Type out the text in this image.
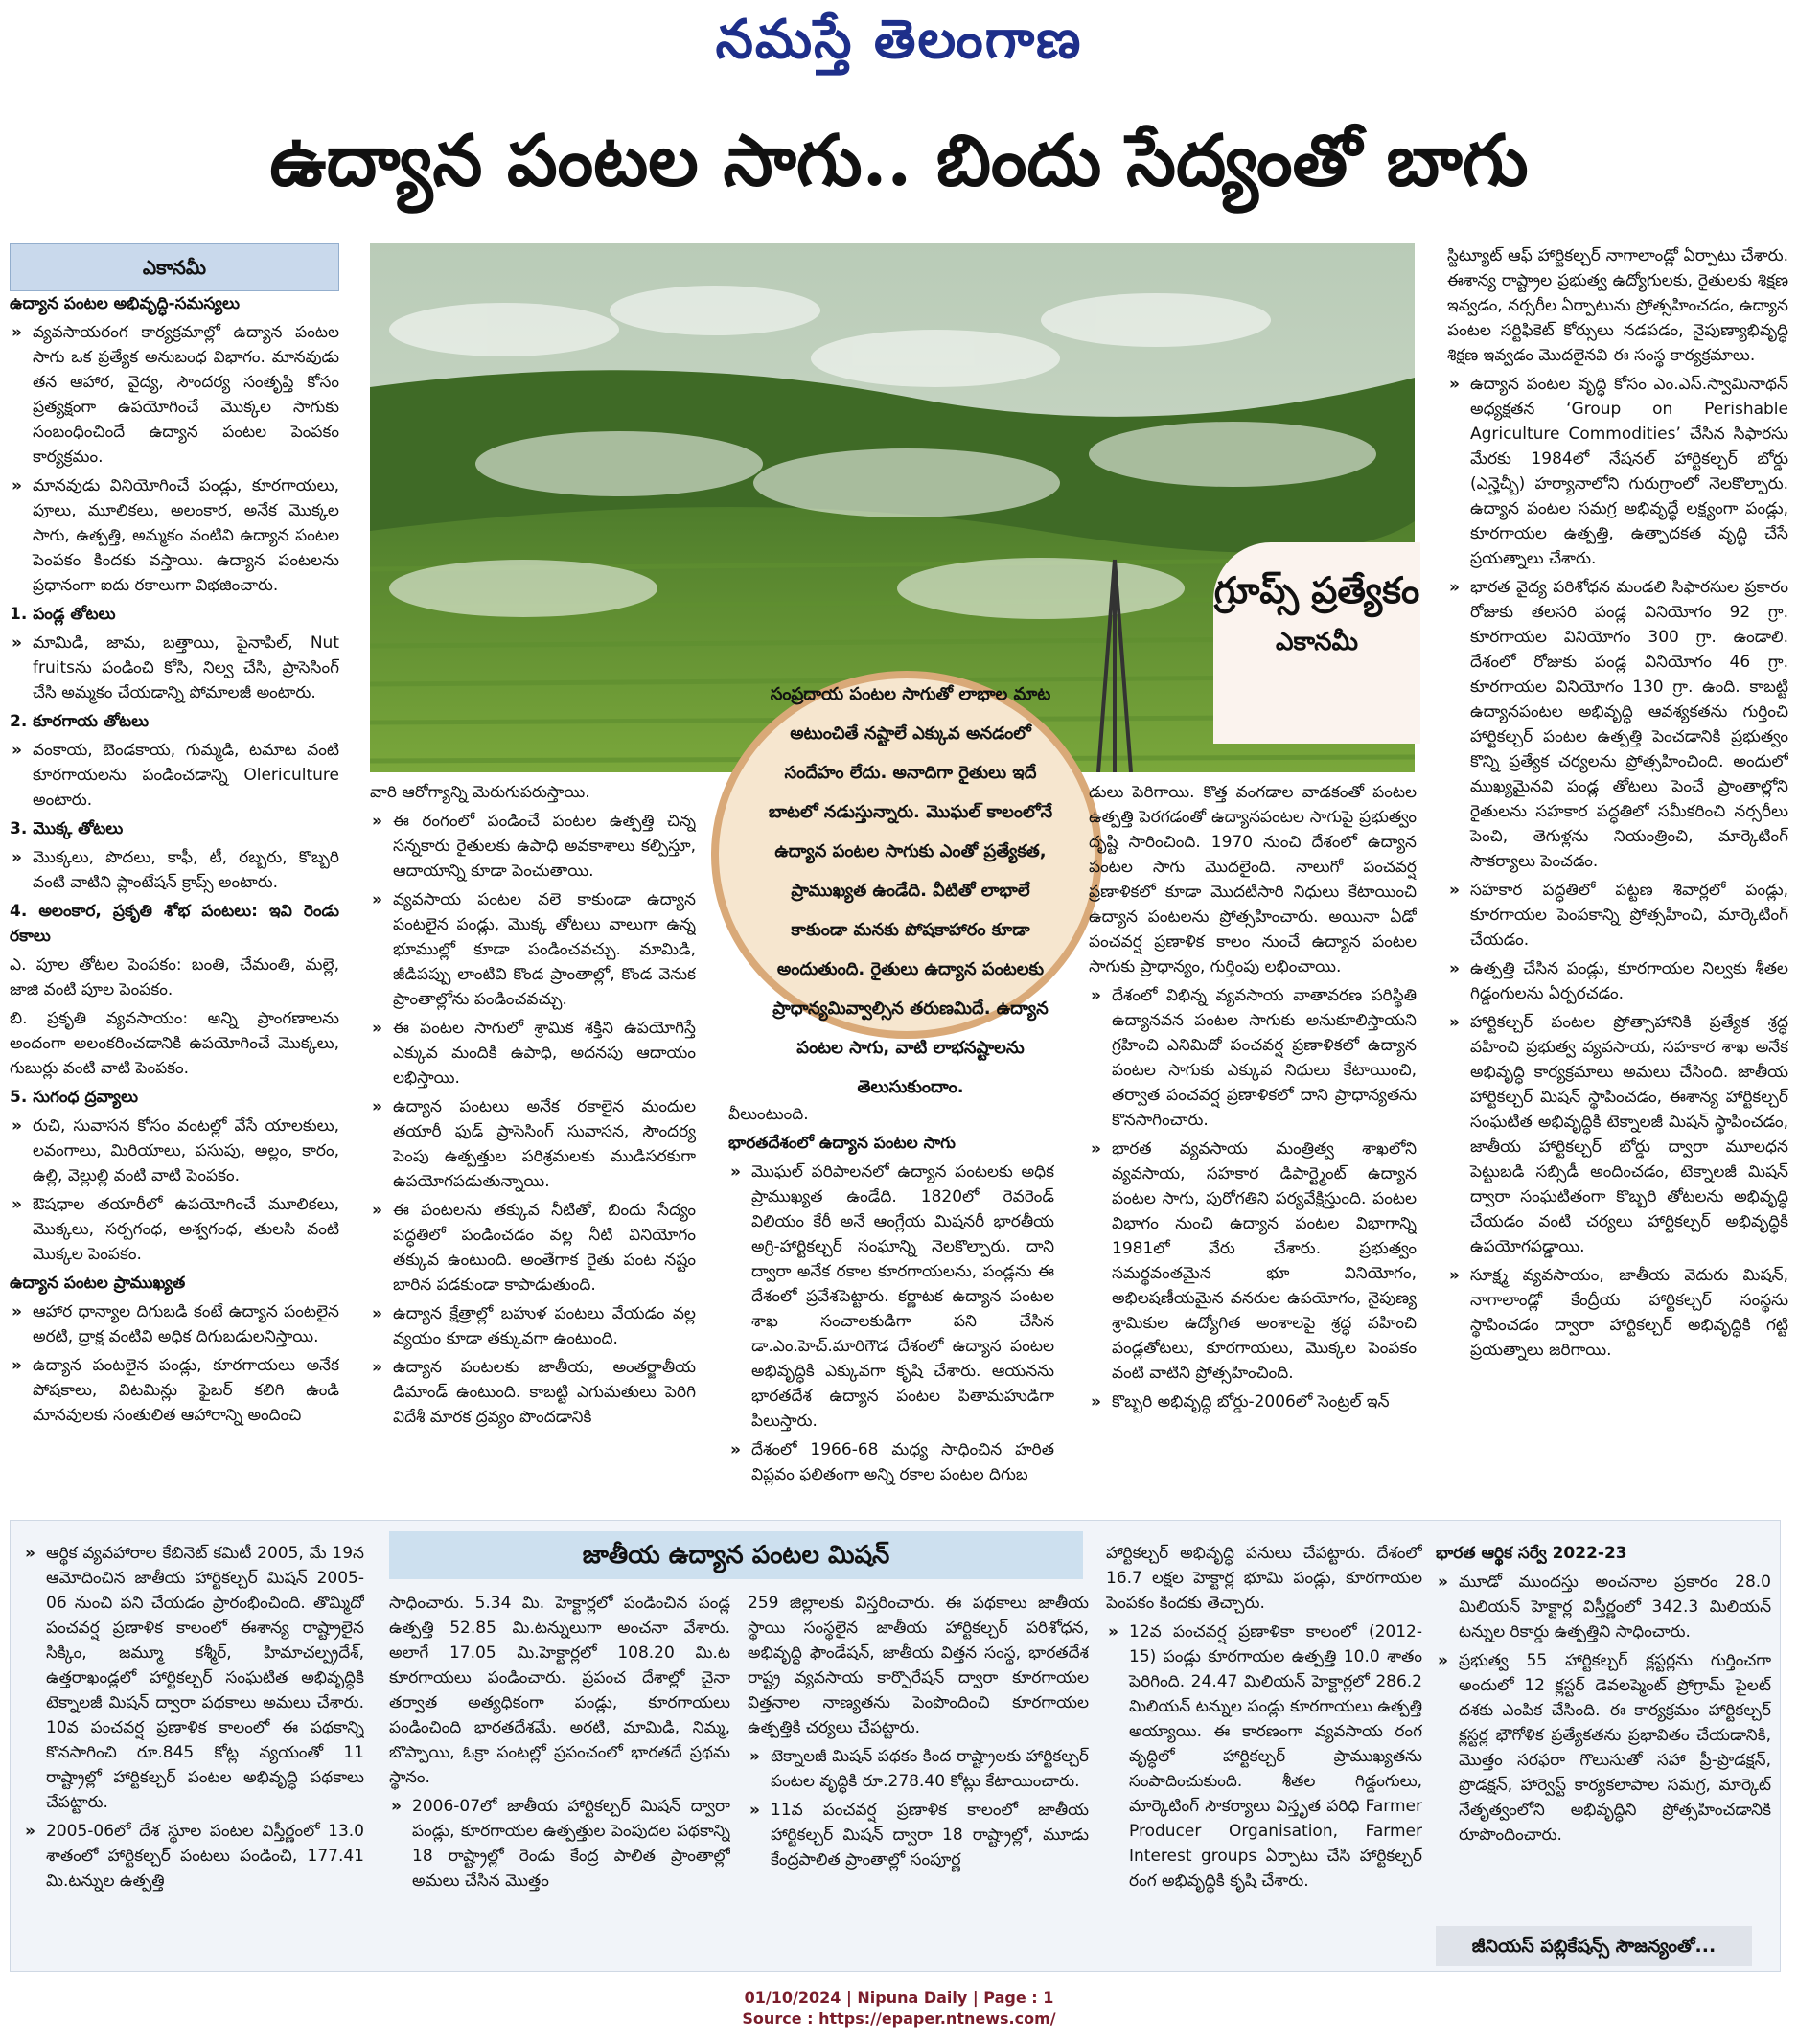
నమస్తే తెలంగాణ
ఉద్యాన పంటల సాగు.. బిందు సేద్యంతో బాగు
ఎకానమీ

ఉద్యాన పంటల అభివృద్ధి-సమస్యలు

» వ్యవసాయరంగ కార్యక్రమాల్లో ఉద్యాన పంటల సాగు ఒక ప్రత్యేక అనుబంధ విభాగం. మానవుడు తన ఆహార, వైద్య, సౌందర్య సంతృప్తి కోసం ప్రత్యక్షంగా ఉపయోగించే మొక్కల సాగుకు సంబంధించిందే ఉద్యాన పంటల పెంపకం కార్యక్రమం.

» మానవుడు వినియోగించే పండ్లు, కూరగాయలు, పూలు, మూలికలు, అలంకార, అనేక మొక్కల సాగు, ఉత్పత్తి, అమ్మకం వంటివి ఉద్యాన పంటల పెంపకం కిందకు వస్తాయి. ఉద్యాన పంటలను ప్రధానంగా ఐదు రకాలుగా విభజించారు.

1. పండ్ల తోటలు

» మామిడి, జామ, బత్తాయి, పైనాపిల్, Nut fruitsను పండించి కోసి, నిల్వ చేసి, ప్రాసెసింగ్ చేసి అమ్మకం చేయడాన్ని పోమాలజీ అంటారు.

2. కూరగాయ తోటలు

» వంకాయ, బెండకాయ, గుమ్మడి, టమాట వంటి కూరగాయలను పండించడాన్ని Olericulture అంటారు.

3. మొక్క తోటలు

» మొక్కలు, పొదలు, కాఫీ, టీ, రబ్బరు, కొబ్బరి వంటి వాటిని ప్లాంటేషన్ క్రాప్స్ అంటారు.

4. అలంకార, ప్రకృతి శోభ పంటలు: ఇవి రెండు రకాలు

ఎ. పూల తోటల పెంపకం: బంతి, చేమంతి, మల్లె, జాజి వంటి పూల పెంపకం.

బి. ప్రకృతి వ్యవసాయం: అన్ని ప్రాంగణాలను అందంగా అలంకరించడానికి ఉపయోగించే మొక్కలు, గుబుర్లు వంటి వాటి పెంపకం.

5. సుగంధ ద్రవ్యాలు

» రుచి, సువాసన కోసం వంటల్లో వేసే యాలకులు, లవంగాలు, మిరియాలు, పసుపు, అల్లం, కారం, ఉల్లి, వెల్లుల్లి వంటి వాటి పెంపకం.

» ఔషధాల తయారీలో ఉపయోగించే మూలికలు, మొక్కలు, సర్పగంధ, అశ్వగంధ, తులసి వంటి మొక్కల పెంపకం.

ఉద్యాన పంటల ప్రాముఖ్యత

» ఆహార ధాన్యాల దిగుబడి కంటే ఉద్యాన పంటలైన అరటి, ద్రాక్ష వంటివి అధిక దిగుబడులనిస్తాయి.

» ఉద్యాన పంటలైన పండ్లు, కూరగాయలు అనేక పోషకాలు, విటమిన్లు ఫైబర్ కలిగి ఉండి మానవులకు సంతులిత ఆహారాన్ని అందించి

గ్రూప్స్ ప్రత్యేకం
ఎకానమీ

వారి ఆరోగ్యాన్ని మెరుగుపరుస్తాయి.

» ఈ రంగంలో పండించే పంటల ఉత్పత్తి చిన్న సన్నకారు రైతులకు ఉపాధి అవకాశాలు కల్పిస్తూ, ఆదాయాన్ని కూడా పెంచుతాయి.

» వ్యవసాయ పంటల వలె కాకుండా ఉద్యాన పంటలైన పండ్లు, మొక్క తోటలు వాలుగా ఉన్న భూముల్లో కూడా పండించవచ్చు. మామిడి, జీడిపప్పు లాంటివి కొండ ప్రాంతాల్లో, కొండ వెనుక ప్రాంతాల్లోను పండించవచ్చు.

» ఈ పంటల సాగులో శ్రామిక శక్తిని ఉపయోగిస్తే ఎక్కువ మందికి ఉపాధి, అదనపు ఆదాయం లభిస్తాయి.

» ఉద్యాన పంటలు అనేక రకాలైన మందుల తయారీ ఫుడ్ ప్రాసెసింగ్ సువాసన, సౌందర్య పెంపు ఉత్పత్తుల పరిశ్రమలకు ముడిసరకుగా ఉపయోగపడుతున్నాయి.

» ఈ పంటలను తక్కువ నీటితో, బిందు సేద్యం పద్ధతిలో పండించడం వల్ల నీటి వినియోగం తక్కువ ఉంటుంది. అంతేగాక రైతు పంట నష్టం బారిన పడకుండా కాపాడుతుంది.

» ఉద్యాన క్షేత్రాల్లో బహుళ పంటలు వేయడం వల్ల వ్యయం కూడా తక్కువగా ఉంటుంది.

» ఉద్యాన పంటలకు జాతీయ, అంతర్జాతీయ డిమాండ్ ఉంటుంది. కాబట్టి ఎగుమతులు పెరిగి విదేశీ మారక ద్రవ్యం పొందడానికి

సంప్రదాయ పంటల సాగుతో లాభాల మాట అటుంచితే నష్టాలే ఎక్కువ అనడంలో సందేహం లేదు. అనాదిగా రైతులు ఇదే బాటలో నడుస్తున్నారు. మొఘల్ కాలంలోనే ఉద్యాన పంటల సాగుకు ఎంతో ప్రత్యేకత, ప్రాముఖ్యత ఉండేది. వీటితో లాభాలే కాకుండా మనకు పోషకాహారం కూడా అందుతుంది. రైతులు ఉద్యాన పంటలకు ప్రాధాన్యమివ్వాల్సిన తరుణమిదే. ఉద్యాన పంటల సాగు, వాటి లాభనష్టాలను తెలుసుకుందాం.

వీలుంటుంది.

భారతదేశంలో ఉద్యాన పంటల సాగు

» మొఘల్ పరిపాలనలో ఉద్యాన పంటలకు అధిక ప్రాముఖ్యత ఉండేది. 1820లో రెవరెండ్ విలియం కేరీ అనే ఆంగ్లేయ మిషనరీ భారతీయ అగ్రి-హార్టికల్చర్ సంఘాన్ని నెలకొల్పారు. దాని ద్వారా అనేక రకాల కూరగాయలను, పండ్లను ఈ దేశంలో ప్రవేశపెట్టారు. కర్ణాటక ఉద్యాన పంటల శాఖ సంచాలకుడిగా పని చేసిన డా.ఎం.హెచ్.మారిగౌడ దేశంలో ఉద్యాన పంటల అభివృద్ధికి ఎక్కువగా కృషి చేశారు. ఆయనను భారతదేశ ఉద్యాన పంటల పితామహుడిగా పిలుస్తారు.

» దేశంలో 1966-68 మధ్య సాధించిన హరిత విప్లవం ఫలితంగా అన్ని రకాల పంటల దిగుబ

డులు పెరిగాయి. కొత్త వంగడాల వాడకంతో పంటల ఉత్పత్తి పెరగడంతో ఉద్యానపంటల సాగుపై ప్రభుత్వం దృష్టి సారించింది. 1970 నుంచి దేశంలో ఉద్యాన పంటల సాగు మొదలైంది. నాలుగో పంచవర్ష ప్రణాళికలో కూడా మొదటిసారి నిధులు కేటాయించి ఉద్యాన పంటలను ప్రోత్సహించారు. అయినా ఏడో పంచవర్ష ప్రణాళిక కాలం నుంచే ఉద్యాన పంటల సాగుకు ప్రాధాన్యం, గుర్తింపు లభించాయి.

» దేశంలో విభిన్న వ్యవసాయ వాతావరణ పరిస్థితి ఉద్యానవన పంటల సాగుకు అనుకూలిస్తాయని గ్రహించి ఎనిమిదో పంచవర్ష ప్రణాళికలో ఉద్యాన పంటల సాగుకు ఎక్కువ నిధులు కేటాయించి, తర్వాత పంచవర్ష ప్రణాళికలో దాని ప్రాధాన్యతను కొనసాగించారు.

» భారత వ్యవసాయ మంత్రిత్వ శాఖలోని వ్యవసాయ, సహకార డిపార్ట్మెంట్ ఉద్యాన పంటల సాగు, పురోగతిని పర్యవేక్షిస్తుంది. పంటల విభాగం నుంచి ఉద్యాన పంటల విభాగాన్ని 1981లో వేరు చేశారు. ప్రభుత్వం సమర్థవంతమైన భూ వినియోగం, అభిలషణీయమైన వనరుల ఉపయోగం, నైపుణ్య శ్రామికుల ఉద్యోగిత అంశాలపై శ్రద్ధ వహించి పండ్లతోటలు, కూరగాయలు, మొక్కల పెంపకం వంటి వాటిని ప్రోత్సహించింది.

» కొబ్బరి అభివృద్ధి బోర్డు-2006లో సెంట్రల్ ఇన్

స్టిట్యూట్ ఆఫ్ హార్టికల్చర్ నాగాలాండ్లో ఏర్పాటు చేశారు. ఈశాన్య రాష్ట్రాల ప్రభుత్వ ఉద్యోగులకు, రైతులకు శిక్షణ ఇవ్వడం, నర్సరీల ఏర్పాటును ప్రోత్సహించడం, ఉద్యాన పంటల సర్టిఫికెట్ కోర్సులు నడపడం, నైపుణ్యాభివృద్ధి శిక్షణ ఇవ్వడం మొదలైనవి ఈ సంస్థ కార్యక్రమాలు.

» ఉద్యాన పంటల వృద్ధి కోసం ఎం.ఎస్.స్వామినాథన్ అధ్యక్షతన ‘Group on Perishable Agriculture Commodities’ చేసిన సిఫారసు మేరకు 1984లో నేషనల్ హార్టికల్చర్ బోర్డు (ఎన్హెచ్బీ) హర్యానాలోని గురుగ్రాంలో నెలకొల్పారు. ఉద్యాన పంటల సమగ్ర అభివృద్ధే లక్ష్యంగా పండ్లు, కూరగాయల ఉత్పత్తి, ఉత్పాదకత వృద్ధి చేసే ప్రయత్నాలు చేశారు.

» భారత వైద్య పరిశోధన మండలి సిఫారసుల ప్రకారం రోజుకు తలసరి పండ్ల వినియోగం 92 గ్రా. కూరగాయల వినియోగం 300 గ్రా. ఉండాలి. దేశంలో రోజుకు పండ్ల వినియోగం 46 గ్రా. కూరగాయల వినియోగం 130 గ్రా. ఉంది. కాబట్టి ఉద్యానపంటల అభివృద్ధి ఆవశ్యకతను గుర్తించి హార్టికల్చర్ పంటల ఉత్పత్తి పెంచడానికి ప్రభుత్వం కొన్ని ప్రత్యేక చర్యలను ప్రోత్సహించింది. అందులో ముఖ్యమైనవి పండ్ల తోటలు పెంచే ప్రాంతాల్లోని రైతులను సహకార పద్ధతిలో సమీకరించి నర్సరీలు పెంచి, తెగుళ్లను నియంత్రించి, మార్కెటింగ్ సౌకర్యాలు పెంచడం.

» సహకార పద్ధతిలో పట్టణ శివార్లలో పండ్లు, కూరగాయల పెంపకాన్ని ప్రోత్సహించి, మార్కెటింగ్ చేయడం.

» ఉత్పత్తి చేసిన పండ్లు, కూరగాయల నిల్వకు శీతల గిడ్డంగులను ఏర్పరచడం.

» హార్టికల్చర్ పంటల ప్రోత్సాహానికి ప్రత్యేక శ్రద్ధ వహించి ప్రభుత్వ వ్యవసాయ, సహకార శాఖ అనేక అభివృద్ధి కార్యక్రమాలు అమలు చేసింది. జాతీయ హార్టికల్చర్ మిషన్ స్థాపించడం, ఈశాన్య హార్టికల్చర్ సంఘటిత అభివృద్ధికి టెక్నాలజీ మిషన్ స్థాపించడం, జాతీయ హార్టికల్చర్ బోర్డు ద్వారా మూలధన పెట్టుబడి సబ్సిడీ అందించడం, టెక్నాలజీ మిషన్ ద్వారా సంఘటితంగా కొబ్బరి తోటలను అభివృద్ధి చేయడం వంటి చర్యలు హార్టికల్చర్ అభివృద్ధికి ఉపయోగపడ్డాయి.

» సూక్ష్మ వ్యవసాయం, జాతీయ వెదురు మిషన్, నాగాలాండ్లో కేంద్రీయ హార్టికల్చర్ సంస్థను స్థాపించడం ద్వారా హార్టికల్చర్ అభివృద్ధికి గట్టి ప్రయత్నాలు జరిగాయి.

జాతీయ ఉద్యాన పంటల మిషన్

» ఆర్థిక వ్యవహారాల కేబినెట్ కమిటీ 2005, మే 19న ఆమోదించిన జాతీయ హార్టికల్చర్ మిషన్ 2005-06 నుంచి పని చేయడం ప్రారంభించింది. తొమ్మిదో పంచవర్ష ప్రణాళిక కాలంలో ఈశాన్య రాష్ట్రాలైన సిక్కిం, జమ్మూ కశ్మీర్, హిమాచల్ప్రదేశ్, ఉత్తరాఖండ్లలో హార్టికల్చర్ సంఘటిత అభివృద్ధికి టెక్నాలజీ మిషన్ ద్వారా పథకాలు అమలు చేశారు. 10వ పంచవర్ష ప్రణాళిక కాలంలో ఈ పథకాన్ని కొనసాగించి రూ.845 కోట్ల వ్యయంతో 11 రాష్ట్రాల్లో హార్టికల్చర్ పంటల అభివృద్ధి పథకాలు చేపట్టారు.

» 2005-06లో దేశ స్థూల పంటల విస్తీర్ణంలో 13.0 శాతంలో హార్టికల్చర్ పంటలు పండించి, 177.41 మి.టన్నుల ఉత్పత్తి

సాధించారు. 5.34 మి. హెక్టార్లలో పండించిన పండ్ల ఉత్పత్తి 52.85 మి.టన్నులుగా అంచనా వేశారు. అలాగే 17.05 మి.హెక్టార్లలో 108.20 మి.ట కూరగాయలు పండించారు. ప్రపంచ దేశాల్లో చైనా తర్వాత అత్యధికంగా పండ్లు, కూరగాయలు పండించింది భారతదేశమే. అరటి, మామిడి, నిమ్మ, బొప్పాయి, ఓక్రా పంటల్లో ప్రపంచంలో భారతదే ప్రథమ స్థానం.

» 2006-07లో జాతీయ హార్టికల్చర్ మిషన్ ద్వారా పండ్లు, కూరగాయల ఉత్పత్తుల పెంపుదల పథకాన్ని 18 రాష్ట్రాల్లో రెండు కేంద్ర పాలిత ప్రాంతాల్లో అమలు చేసిన మొత్తం

259 జిల్లాలకు విస్తరించారు. ఈ పథకాలు జాతీయ స్థాయి సంస్థలైన జాతీయ హార్టికల్చర్ పరిశోధన, అభివృద్ధి ఫౌండేషన్, జాతీయ విత్తన సంస్థ, భారతదేశ రాష్ట్ర వ్యవసాయ కార్పొరేషన్ ద్వారా కూరగాయల విత్తనాల నాణ్యతను పెంపొందించి కూరగాయల ఉత్పత్తికి చర్యలు చేపట్టారు.

» టెక్నాలజీ మిషన్ పథకం కింద రాష్ట్రాలకు హార్టికల్చర్ పంటల వృద్ధికి రూ.278.40 కోట్లు కేటాయించారు.

» 11వ పంచవర్ష ప్రణాళిక కాలంలో జాతీయ హార్టికల్చర్ మిషన్ ద్వారా 18 రాష్ట్రాల్లో, మూడు కేంద్రపాలిత ప్రాంతాల్లో సంపూర్ణ

హార్టికల్చర్ అభివృద్ధి పనులు చేపట్టారు. దేశంలో 16.7 లక్షల హెక్టార్ల భూమి పండ్లు, కూరగాయల పెంపకం కిందకు తెచ్చారు.

» 12వ పంచవర్ష ప్రణాళికా కాలంలో (2012-15) పండ్లు కూరగాయల ఉత్పత్తి 10.0 శాతం పెరిగింది. 24.47 మిలియన్ హెక్టార్లలో 286.2 మిలియన్ టన్నుల పండ్లు కూరగాయలు ఉత్పత్తి అయ్యాయి. ఈ కారణంగా వ్యవసాయ రంగ వృద్ధిలో హార్టికల్చర్ ప్రాముఖ్యతను సంపాదించుకుంది. శీతల గిడ్డంగులు, మార్కెటింగ్ సౌకర్యాలు విస్తృత పరిధి Farmer Producer Organisation, Farmer Interest groups ఏర్పాటు చేసి హార్టికల్చర్ రంగ అభివృద్ధికి కృషి చేశారు.

భారత ఆర్థిక సర్వే 2022-23

» మూడో ముందస్తు అంచనాల ప్రకారం 28.0 మిలియన్ హెక్టార్ల విస్తీర్ణంలో 342.3 మిలియన్ టన్నుల రికార్డు ఉత్పత్తిని సాధించారు.

» ప్రభుత్వ 55 హార్టికల్చర్ క్లస్టర్లను గుర్తించగా అందులో 12 క్లస్టర్ డెవలప్మెంట్ ప్రోగ్రామ్ పైలట్ దశకు ఎంపిక చేసింది. ఈ కార్యక్రమం హార్టికల్చర్ క్లస్టర్ల భౌగోళిక ప్రత్యేకతను ప్రభావితం చేయడానికి, మొత్తం సరఫరా గొలుసుతో సహా ప్రీ-ప్రొడక్షన్, ప్రొడక్షన్, హార్వెస్ట్ కార్యకలాపాల సమగ్ర, మార్కెట్ నేతృత్వంలోని అభివృద్ధిని ప్రోత్సహించడానికి రూపొందించారు.

జీనియస్ పబ్లికేషన్స్ సౌజన్యంతో...
01/10/2024 | Nipuna Daily | Page : 1
Source : https://epaper.ntnews.com/
